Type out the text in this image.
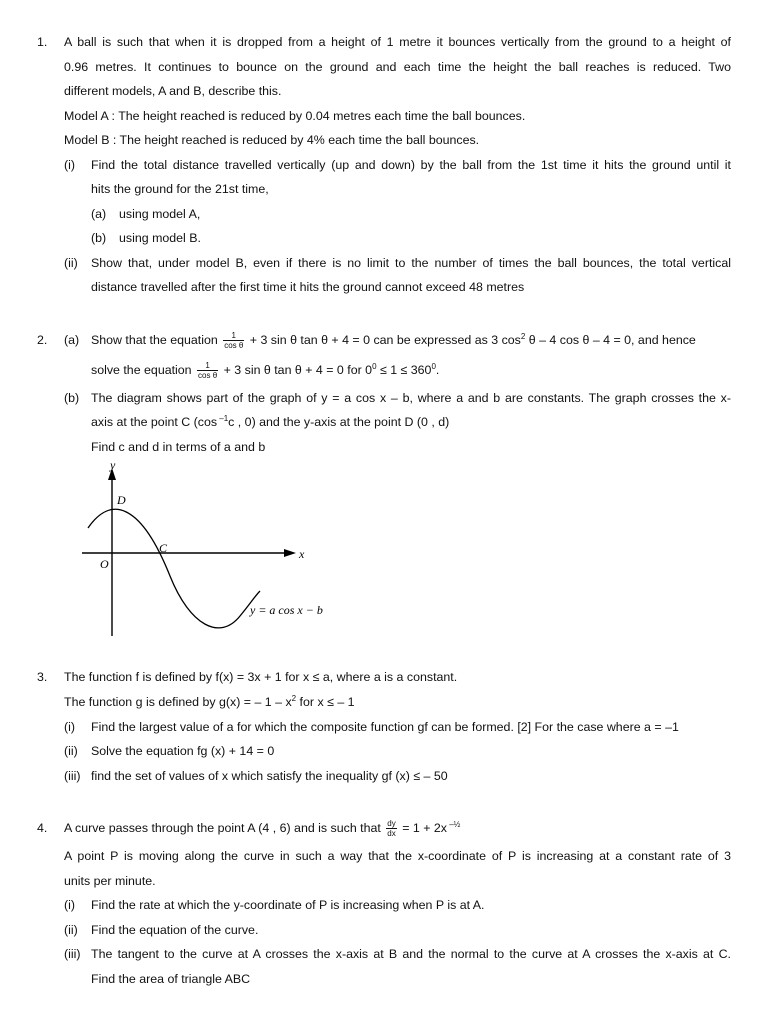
1. A ball is such that when it is dropped from a height of 1 metre it bounces vertically from the ground to a height of
0.96 metres. It continues to bounce on the ground and each time the height the ball reaches is reduced. Two
different models, A and B, describe this.
Model A : The height reached is reduced by 0.04 metres each time the ball bounces.
Model B : The height reached is reduced by 4% each time the ball bounces.
(i) Find the total distance travelled vertically (up and down) by the ball from the 1st time it hits the ground until it
hits the ground for the 21st time,
(a) using model A,
(b) using model B.
(ii) Show that, under model B, even if there is no limit to the number of times the ball bounces, the total vertical
distance travelled after the first time it hits the ground cannot exceed 48 metres
2. (a) Show that the equation $\frac{1}{\text{cos θ}} + 3$ sin θ tan θ + 4 = 0 can be expressed as 3 $\cos^2 \theta - 4$ cos θ – 4 = 0, and hence
solve the equation $\frac{1}{\text{cos θ}} + 3$ sin θ tan θ + 4 = 0 for $0^0 \le 1 \le 360^0$.
(b) The diagram shows part of the graph of y = a cos x – b, where a and b are constants. The graph crosses the x-
axis at the point C (cos $^{-1}$c , 0) and the y-axis at the point D (0 , d)
Find c and d in terms of a and b
y
x
O
D
C
y = a cos x − b
3. The function f is defined by f(x) = 3x + 1 for x ≤ a, where a is a constant.
The function g is defined by g(x) = – $1 - x^2$ for x ≤ – 1
(i) Find the largest value of a for which the composite function gf can be formed. [2] For the case where a = –1
(ii) Solve the equation fg (x) + 14 = 0
(iii) find the set of values of x which satisfy the inequality gf (x) ≤ – 50
4. A curve passes through the point A (4 , 6) and is such that $\frac{dy}{dx} = 1 + 2x$ $^{-\frac{1}{2}}$
A point P is moving along the curve in such a way that the x-coordinate of P is increasing at a constant rate of 3
units per minute.
(i) Find the rate at which the y-coordinate of P is increasing when P is at A.
(ii) Find the equation of the curve.
(iii) The tangent to the curve at A crosses the x-axis at B and the normal to the curve at A crosses the x-axis at C.
Find the area of triangle ABC
